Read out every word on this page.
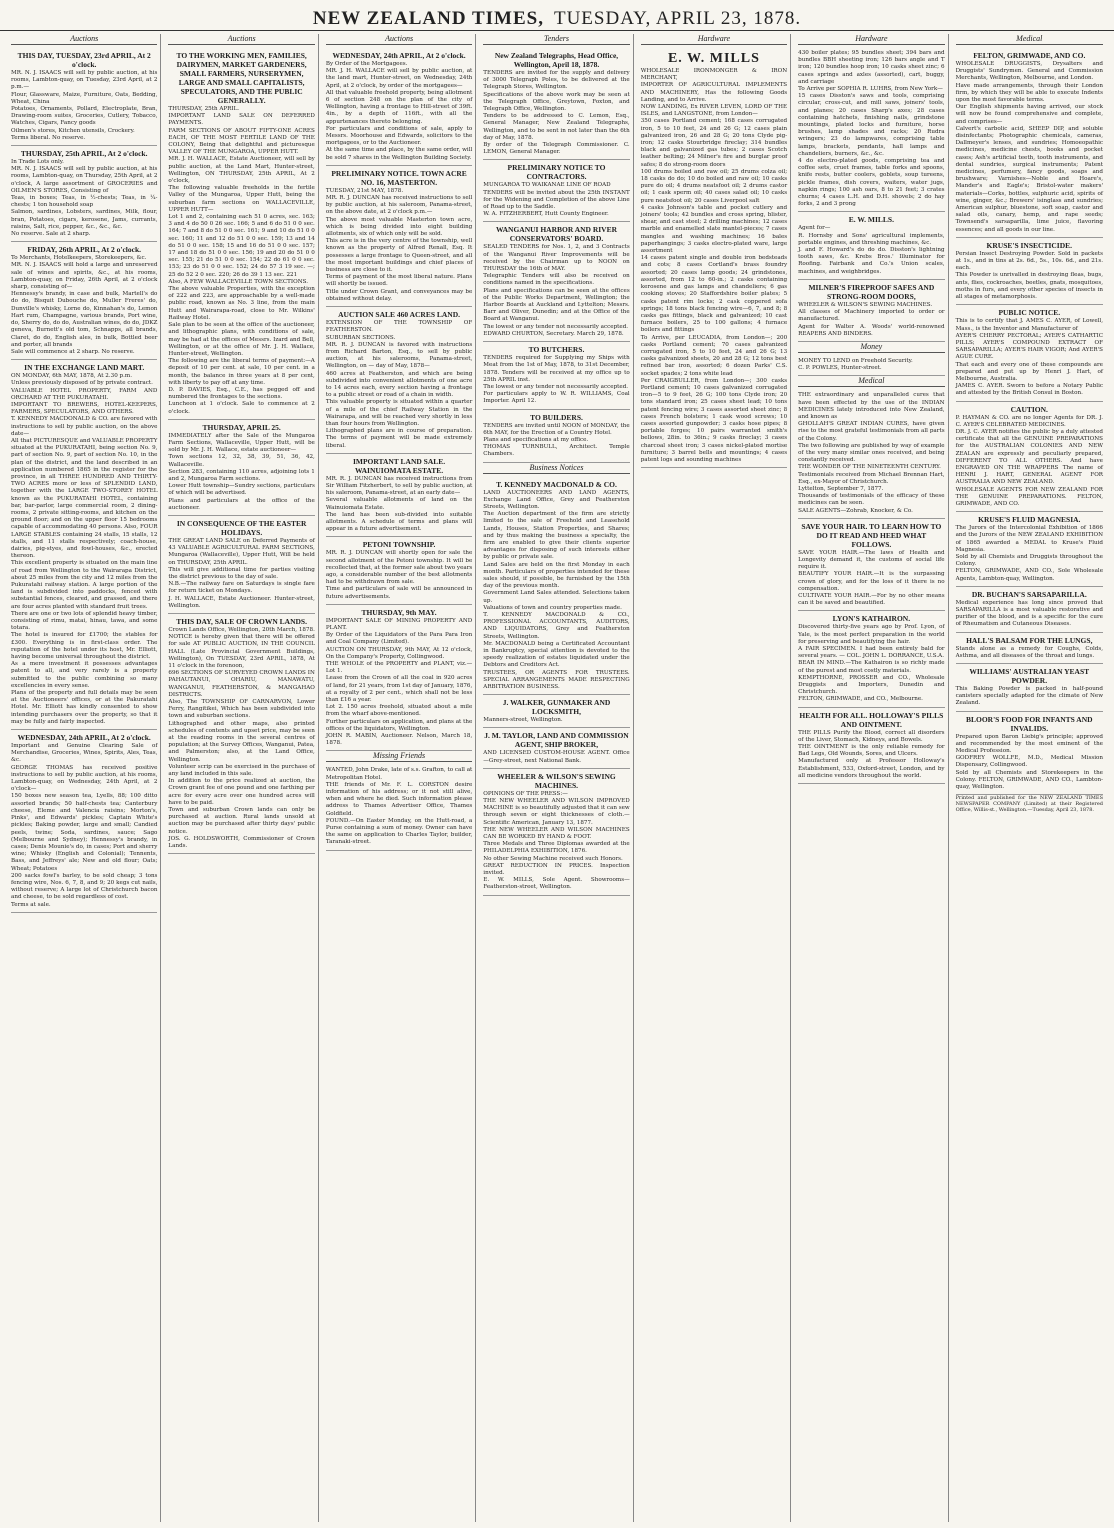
NEW ZEALAND TIMES, TUESDAY, APRIL 23, 1878.
Auctions
THIS DAY, TUESDAY, 23rd APRIL, At 2 o'clock.
MR. N. J. ISAACS will sell by public auction, at his rooms, Lambton-quay, on Tuesday, 23rd April, at 2 p.m.—
Flour, Glassware, Maize, Furniture, Oats, Bedding, Wheat, China
Potatoes, Ornaments, Pollard, Electroplate, Bran, Drawing-room suites, Groceries, Cutlery, Tobacco, Watches, Cigars, Fancy goods
Oilmen's stores, Kitchen utensils, Crockery.
Terms liberal. No reserve.
THURSDAY, 25th APRIL, At 2 o'clock.
In Trade Lots only.
MR. N. J. ISAACS will sell by public auction, at his rooms, Lambton-quay, on Thursday, 25th April, at 2 o'clock, A large assortment of GROCERIES and OILMEN'S STORES, Consisting of
Teas, in boxes; Teas, in ½-chests; Teas, in ¼-chests; 1 ton household soap
Salmon, sardines, Lobsters, sardines, Milk, flour, bran, Potatoes, cigars, kerosene, Jams, currants, raisins, Salt, rice, pepper, &c., &c., &c.
No reserve. Sale at 2 sharp.
FRIDAY, 26th APRIL, At 2 o'clock.
To Merchants, Hotelkeepers, Storekeepers, &c.
MR. N. J. ISAACS will hold a large and unreserved sale of wines and spirits, &c., at his rooms, Lambton-quay, on Friday, 26th April, at 2 o'clock sharp, consisting of—
Hennessy's brandy, in case and bulk, Martell's do do do, Bisquit Dubouche do, Muller Freres' do, Dunville's whisky, Lorne do, Kinnahan's do, Lemon Hart rum, Champagne, various brands, Port wine, do, Sherry do, do do, Australian wines, do do, JDKZ geneva, Burnett's old tom, Schnapps, all brands, Claret, do do, English ales, in bulk, Bottled beer and porter, all brands
Sale will commence at 2 sharp. No reserve.
IN THE EXCHANGE LAND MART.
ON MONDAY, 6th MAY, 1878, At 2.30 p.m.
Unless previously disposed of by private contract.
VALUABLE HOTEL PROPERTY, FARM AND ORCHARD AT THE PUKURATAHI.
IMPORTANT TO BREWERS, HOTEL-KEEPERS, FARMERS, SPECULATORS, AND OTHERS.
T. KENNEDY MACDONALD & CO. are favored with instructions to sell by public auction, on the above date—
All that PICTURESQUE and VALUABLE PROPERTY situated at the PUKURATAHI, being section No. 9, part of section No. 9, part of section No. 10, in the plan of the district, and the land described in an application numbered 1865 in the register for the province, in all THREE HUNDRED AND THIRTY-TWO ACRES more or less of SPLENDID LAND, together with the LARGE TWO-STOREY HOTEL known as the PUKURATAHI HOTEL, containing bar, bar-parlor, large commercial room, 2 dining-rooms, 2 private sitting-rooms, and kitchen on the ground floor; and on the upper floor 15 bedrooms capable of accommodating 40 persons. Also, FOUR LARGE STABLES containing 24 stalls, 15 stalls, 12 stalls, and 11 stalls respectively; coach-house, dairies, pig-styes, and fowl-houses, &c., erected thereon.
This excellent property is situated on the main line of road from Wellington to the Wairarapa District, about 25 miles from the city and 12 miles from the Pukuratahi railway station. A large portion of the land is subdivided into paddocks, fenced with substantial fences, cleared, and grassed, and there are four acres planted with standard fruit trees.
There are one or two lots of splendid heavy timber, consisting of rimu, matai, hinau, tawa, and some totara.
The hotel is insured for £1700; the stables for £300. Everything is in first-class order. The reputation of the hotel under its host, Mr. Elliott, having become universal throughout the district.
As a mere investment it possesses advantages patent to all, and very rarely is a property submitted to the public combining so many excellencies in every sense.
Plans of the property and full details may be seen at the Auctioneers' offices, or at the Pakuratahi Hotel. Mr. Elliott has kindly consented to show intending purchasers over the property, so that it may be fully and fairly inspected.
WEDNESDAY, 24th APRIL, At 2 o'clock.
Important and Genuine Clearing Sale of Merchandise, Groceries, Wines, Spirits, Ales, Teas, &c.
GEORGE THOMAS has received positive instructions to sell by public auction, at his rooms, Lambton-quay, on Wednesday, 24th April, at 2 o'clock—
150 boxes new season tea, Lyells, 88; 100 ditto assorted brands; 50 half-chests tea; Canterbury cheese, Eleme and Valencia raisins; Morton's, Pinks', and Edwards' pickles; Captain White's pickles; Baking powder, large and small; Candied peels, twine; Soda, sardines, sauce; Sago (Melbourne and Sydney); Hennessy's brandy, in cases; Denis Mounie's do, in cases; Port and sherry wine; Whisky (English and Colonial); Tennents, Bass, and Jeffreys' ale; New and old flour; Oats; Wheat; Potatoes
200 sacks fowl's barley, to be sold cheap; 3 tons fencing wire, Nos. 6, 7, 8, and 9; 20 kegs cut nails, without reserve; A large lot of Christchurch bacon and cheese, to be sold regardless of cost.
Terms at sale.
Auctions
TO THE WORKING MEN, FAMILIES, DAIRYMEN, MARKET GARDENERS, SMALL FARMERS, NURSERYMEN, LARGE AND SMALL CAPITALISTS, SPECULATORS, AND THE PUBLIC GENERALLY.
THURSDAY, 25th APRIL.
IMPORTANT LAND SALE ON DEFERRED PAYMENTS.
FARM SECTIONS OF ABOUT FIFTY-ONE ACRES EACH, OF THE MOST FERTILE LAND OF THE COLONY, Being that delightful and picturesque VALLEY OF THE MUNGAROA, UPPER HUTT.
MR. J. H. WALLACE, Estate Auctioneer, will sell by public auction, at the Land Mart, Hunter-street, Wellington, ON THURSDAY, 25th APRIL, At 2 o'clock,
The following valuable freeholds in the fertile Valley of the Mungaroa, Upper Hutt, being the suburban farm sections on WALLACEVILLE, UPPER HUTT—
Lot 1 and 2, containing each 51 0 acres, sec. 163; 3 and 4 do 50 0 26 sec. 166; 5 and 6 do 51 0 0 sec. 164; 7 and 8 do 51 0 0 sec. 161; 9 and 10 do 51 0 0 sec. 160; 11 and 12 do 51 0 0 sec. 159; 13 and 14 do 51 0 0 sec. 158; 15 and 16 do 51 0 0 sec. 157; 17 and 18 do 51 0 0 sec. 156; 19 and 20 do 51 0 0 sec. 155; 21 do 51 0 0 sec. 154; 22 do 61 0 0 sec. 153; 23 do 51 0 0 sec. 152; 24 do 57 3 19 sec. —; 25 do 52 2 0 sec. 220; 26 do 39 1 13 sec. 221
Also, A FEW WALLACEVILLE TOWN SECTIONS.
The above valuable Properties, with the exception of 222 and 223, are approachable by a well-made public road, known as No. 3 line, from the main Hutt and Wairarapa-road, close to Mr. Wilkins' Railway Hotel.
Sale plan to be seen at the office of the auctioneer, and lithographic plans, with conditions of sale, may be had at the offices of Messrs. Izard and Bell, Wellington, or at the office of Mr. J. H. Wallace, Hunter-street, Wellington.
The following are the liberal terms of payment:—A deposit of 10 per cent. at sale, 10 per cent. in a month, the balance in three years at 8 per cent, with liberty to pay off at any time.
D. P. DAVIES, Esq., C.E., has pegged off and numbered the frontages to the sections.
Luncheon at 1 o'clock. Sale to commence at 2 o'clock.
THURSDAY, APRIL 25.
IMMEDIATELY after the Sale of the Mungaroa Farm Sections, Wallaceville, Upper Hutt, will be sold by Mr. J. H. Wallace, estate auctioneer—
Town sections 12, 32, 38, 39, 51, 36, 42, Wallaceville.
Section 283, containing 110 acres, adjoining lots 1 and 2, Mungaroa Farm sections.
Lower Hutt township—Sundry sections, particulars of which will be advertised.
Plans and particulars at the office of the auctioneer.
IN CONSEQUENCE OF THE EASTER HOLIDAYS.
THE GREAT LAND SALE on Deferred Payments of 43 VALUABLE AGRICULTURAL FARM SECTIONS, Mungaroa (Wallaceville), Upper Hutt, Will be held on THURSDAY, 25th APRIL.
This will give additional time for parties visiting the district previous to the day of sale.
N.B.—The railway fare on Saturdays is single fare for return ticket on Mondays.
J. H. WALLACE, Estate Auctioneer. Hunter-street, Wellington.
THIS DAY, SALE OF CROWN LANDS.
Crown Lands Office, Wellington, 20th March, 1878.
NOTICE is hereby given that there will be offered for sale AT PUBLIC AUCTION, IN THE COUNCIL HALL (Late Provincial Government Buildings, Wellington), On TUESDAY, 23rd APRIL, 1878, At 11 o'clock in the forenoon,
696 SECTIONS OF SURVEYED CROWN LANDS IN PAHAUTANUI, OHARIU, MANAWATU, WANGANUI, FEATHERSTON, & MANGAHAO DISTRICTS.
Also, The TOWNSHIP OF CARNARVON, Lower Ferry, Rangitikei, Which has been subdivided into town and suburban sections.
Lithographed and other maps, also printed schedules of contents and upset price, may be seen at the reading rooms in the several centres of population; at the Survey Offices, Wanganui, Patea, and Palmerston; also, at the Land Office, Wellington.
Volunteer scrip can be exercised in the purchase of any land included in this sale.
In addition to the price realized at auction, the Crown grant fee of one pound and one farthing per acre for every acre over one hundred acres will have to be paid.
Town and suburban Crown lands can only be purchased at auction. Rural lands unsold at auction may be purchased after thirty days' public notice.
JOS. G. HOLDSWORTH, Commissioner of Crown Lands.
Auctions
WEDNESDAY, 24th APRIL, At 2 o'clock.
By Order of the Mortgagees.
MR. J. H. WALLACE will sell by public auction, at the land mart, Hunter-street, on Wednesday, 24th April, at 2 o'clock, by order of the mortgagees—
All that valuable freehold property, being allotment 6 of section 248 on the plan of the city of Wellington, having a frontage to Hill-street of 39ft. 4in., by a depth of 116ft., with all the appurtenances thereto belonging.
For particulars and conditions of sale, apply to Messrs. Moorhouse and Edwards, solicitors to the mortgagees, or to the Auctioneer.
At the same time and place, by the same order, will be sold 7 shares in the Wellington Building Society.
PRELIMINARY NOTICE. TOWN ACRE NO. 16, MASTERTON.
TUESDAY, 21st MAY, 1878.
MR. R. J. DUNCAN has received instructions to sell by public auction, at his saleroom, Panama-street, on the above date, at 2 o'clock p.m.—
The above most valuable Masterton town acre, which is being divided into eight building allotments, six of which only will be sold.
This acre is in the very centre of the township, well known as the property of Alfred Renall, Esq. It possesses a large frontage to Queen-street, and all the most important buildings and chief places of business are close to it.
Terms of payment of the most liberal nature. Plans will shortly be issued.
Title under Crown Grant, and conveyances may be obtained without delay.
AUCTION SALE 460 ACRES LAND.
EXTENSION OF THE TOWNSHIP OF FEATHERSTON.
SUBURBAN SECTIONS.
MR. R. J. DUNCAN is favored with instructions from Richard Barton, Esq., to sell by public auction, at his salerooms, Panama-street, Wellington, on — day of May, 1878—
460 acres at Featherston, and which are being subdivided into convenient allotments of one acre to 14 acres each, every section having a frontage to a public street or road of a chain in width.
This valuable property is situated within a quarter of a mile of the chief Railway Station in the Wairarapa, and will be reached very shortly in less than four hours from Wellington.
Lithographed plans are in course of preparation. The terms of payment will be made extremely liberal.
IMPORTANT LAND SALE. WAINUIOMATA ESTATE.
MR. R. J. DUNCAN has received instructions from Sir William Fitzherbert, to sell by public auction, at his saleroom, Panama-street, at an early date—
Several valuable allotments of land on the Wainuiomata Estate.
The land has been sub-divided into suitable allotments. A schedule of terms and plans will appear in a future advertisement.
PETONI TOWNSHIP.
MR. R. J. DUNCAN will shortly open for sale the second allotment of the Petoni township. It will be recollected that, at the former sale about two years ago, a considerable number of the best allotments had to be withdrawn from sale.
Time and particulars of sale will be announced in future advertisements.
THURSDAY, 9th MAY.
IMPORTANT SALE OF MINING PROPERTY AND PLANT.
By Order of the Liquidators of the Para Para Iron and Coal Company (Limited).
AUCTION ON THURSDAY, 9th MAY, At 12 o'clock, On the Company's Property, Collingwood.
THE WHOLE of the PROPERTY and PLANT, viz.— Lot 1.
Lease from the Crown of all the coal in 920 acres of land, for 21 years, from 1st day of January, 1876, at a royalty of 2 per cent., which shall not be less than £16 a year.
Lot 2. 150 acres freehold, situated about a mile from the wharf above-mentioned.
Further particulars on application, and plans at the offices of the liquidators, Wellington.
JOHN R. MABIN, Auctioneer. Nelson, March 18, 1878.
Missing Friends
WANTED, John Drake, late of s.s. Grafton, to call at Metropolitan Hotel.
THE friends of Mr. F. L. CORSTON desire information of his address; or it not still alive, when and where he died. Such information please address to Thames Advertiser Office, Thames Goldfield.
FOUND.—On Easter Monday, on the Hutt-road, a Purse containing a sum of money. Owner can have the same on application to Charles Taylor, builder, Taranaki-street.
Tenders
New Zealand Telegraphs, Head Office, Wellington, April 18, 1878.
TENDERS are invited for the supply and delivery of 3000 Telegraph Poles, to be delivered at the Telegraph Stores, Wellington.
Specifications of the above work may be seen at the Telegraph Office, Greytown, Foxton, and Telegraph Office, Wellington.
Tenders to be addressed to C. Lemon, Esq., General Manager, New Zealand Telegraphs, Wellington, and to be sent in not later than the 6th day of May, 1878.
By order of the Telegraph Commissioner. C. LEMON, General Manager.
PRELIMINARY NOTICE TO CONTRACTORS.
MUNGAROA TO WAIKANAE LINE OF ROAD
TENDERS will be invited about the 25th INSTANT for the Widening and Completion of the above Line of Road up to the Saddle.
W. A. FITZHERBERT, Hutt County Engineer.
WANGANUI HARBOR AND RIVER CONSERVATORS' BOARD.
SEALED TENDERS for Nos. 1, 2, and 3 Contracts of the Wanganui River Improvements will be received by the Chairman up to NOON on THURSDAY the 16th of MAY.
Telegraphic Tenders will also be received on conditions named in the specifications.
Plans and specifications can be seen at the offices of the Public Works Department, Wellington; the Harbor Boards at Auckland and Lyttelton; Messrs. Barr and Oliver, Dunedin; and at the Office of the Board at Wanganui.
The lowest or any tender not necessarily accepted.
EDWARD CHURTON, Secretary. March 29, 1878.
TO BUTCHERS.
TENDERS required for Supplying my Ships with Meat from the 1st of May, 1878, to 31st December, 1878. Tenders will be received at my office up to 25th APRIL inst.
The lowest or any tender not necessarily accepted.
For particulars apply to W. R. WILLIAMS, Coal Importer. April 12.
TO BUILDERS.
TENDERS are invited until NOON of MONDAY, the 6th MAY, for the Erection of a Country Hotel.
Plans and specifications at my office.
THOMAS TURNBULL, Architect. Temple Chambers.
Business Notices
T. KENNEDY MACDONALD & CO.
LAND AUCTIONEERS AND LAND AGENTS, Exchange Land Office, Grey and Featherston Streets, Wellington.
The Auction department of the firm are strictly limited to the sale of Freehold and Leasehold Lands, Houses, Station Properties, and Shares; and by thus making the business a specialty, the firm are enabled to give their clients superior advantages for disposing of such interests either by public or private sale.
Land Sales are held on the first Monday in each month. Particulars of properties intended for these sales should, if possible, be furnished by the 15th day of the previous month.
Government Land Sales attended. Selections taken up.
Valuations of town and country properties made.
T. KENNEDY MACDONALD & CO., PROFESSIONAL ACCOUNTANTS, AUDITORS, AND LIQUIDATORS, Grey and Featherston Streets, Wellington.
Mr. MACDONALD being a Certificated Accountant in Bankruptcy, special attention is devoted to the speedy realization of estates liquidated under the Debtors and Creditors Act.
TRUSTEES, OR AGENTS FOR TRUSTEES. SPECIAL ARRANGEMENTS MADE RESPECTING ARBITRATION BUSINESS.
J. WALKER, GUNMAKER AND LOCKSMITH,
Manners-street, Wellington.
J. M. TAYLOR, LAND AND COMMISSION AGENT, SHIP BROKER,
AND LICENSED CUSTOM-HOUSE AGENT. Office—Grey-street, next National Bank.
WHEELER & WILSON'S SEWING MACHINES.
OPINIONS OF THE PRESS:—
THE NEW WHEELER AND WILSON IMPROVED MACHINE is so beautifully adjusted that it can sew through seven or eight thicknesses of cloth.—Scientific American, January 13, 1877.
THE NEW WHEELER AND WILSON MACHINES CAN BE WORKED BY HAND & FOOT.
Three Medals and Three Diplomas awarded at the PHILADELPHIA EXHIBITION, 1876.
No other Sewing Machine received such Honors.
GREAT REDUCTION IN PRICES. Inspection invited.
E. W. MILLS, Sole Agent. Showrooms—Featherston-street, Wellington.
Hardware
E. W. MILLS
WHOLESALE IRONMONGER & IRON MERCHANT,
IMPORTER OF AGRICULTURAL IMPLEMENTS AND MACHINERY, Has the following Goods Landing, and to Arrive.
NOW LANDING, Ex RIVER LEVEN, LORD OF THE ISLES, and LANGSTONE, from London—
350 cases Portland cement; 168 cases corrugated iron, 5 to 10 feet, 24 and 26 G; 12 cases plain galvanized iron, 26 and 28 G; 20 tons Clyde pig-iron; 12 casks Stourbridge fireclay; 314 bundles black and galvanized gas tubes; 2 cases Scotch leather belting; 24 Milner's fire and burglar proof safes; 8 do strong-room doors
100 drums boiled and raw oil; 25 drums colza oil; 18 casks do do; 10 do boiled and raw oil; 10 casks pure do oil; 4 drums neatsfoot oil; 2 drums castor oil; 1 cask sperm oil; 40 cases salad oil; 10 casks pure neatsfoot oil; 20 cases Liverpool salt
4 casks Johnson's table and pocket cutlery and joiners' tools; 42 bundles and cross spring, blister, shear, and cast steel; 2 drilling machines; 12 cases marble and enamelled slate mantel-pieces; 7 cases mangles and washing machines; 16 bales paperhangings; 3 casks electro-plated ware, large assortment
14 cases patent single and double iron bedsteads and cots; 8 cases Cortland's brass foundry assorted; 20 cases lamp goods; 24 grindstones, assorted, from 12 to 60-in.; 2 casks containing kerosene and gas lamps and chandeliers; 6 gas cooking stoves; 20 Staffordshire boiler plates; 5 casks patent rim locks; 2 cask coppered sofa springs; 18 tons black fencing wire—6, 7, and 8; 8 casks gas fittings, black and galvanized; 10 cast furnace boilers, 25 to 100 gallons; 4 furnace boilers and fittings
To Arrive, per LEUCADIA, from London—; 200 casks Portland cement; 70 cases galvanized corrugated iron, 5 to 10 feet, 24 and 26 G; 13 casks galvanized sheets, 20 and 28 G; 12 tons best refined bar iron, assorted; 6 dozen Parks' C.S. socket spades; 2 tons white lead
Per CRAIGBULLER, from London—; 300 casks Portland cement; 10 cases galvanized corrugated iron—5 to 9 feet, 26 G; 100 tons Clyde iron; 20 tons standard iron; 25 cases sheet lead; 10 tons patent fencing wire; 3 cases assorted sheet zinc; 8 cases French bolsters; 1 cask wood screws; 10 cases assorted gunpowder; 3 casks hose pipes; 8 portable forges; 10 pairs warranted smith's bellows, 28in. to 36in.; 9 casks fireclay; 3 cases charcoal sheet iron; 3 cases nickel-plated mortise furniture; 3 barrel bells and mountings; 4 cases patent logs and sounding machines
Hardware
430 boiler plates; 95 bundles sheet; 394 bars and bundles BBH sheeting iron; 126 bars angle and T iron; 120 bundles hoop iron; 10 casks sheet zinc; 6 cases springs and axles (assorted), cart, buggy, and carriage
To Arrive per SOPHIA R. LUHRS, from New York—
15 cases Disston's saws and tools, comprising circular, cross-cut, and mill saws, joiners' tools, and planes; 20 cases Sharp's axes; 28 cases containing hatchets, finishing nails, grindstone mountings, plated locks and furniture, horse brushes, lamp shades and racks; 20 Rudra wringers; 23 do lampwares, comprising table lamps, brackets, pendants, hall lamps and chandeliers, burners, &c., &c.
4 do electro-plated goods, comprising tea and coffee sets, cruet frames, table forks and spoons, knife rests, butter coolers, goblets, soup tureens, pickle frames, dish covers, waiters, water jugs, napkin rings; 100 ash oars, 8 to 21 feet; 3 crates churns; 4 cases L.H. and D.H. shovels; 2 do hay forks, 2 and 3 prong
E. W. MILLS.
Agent for—
R. Hornsby and Sons' agricultural implements, portable engines, and threshing machines, &c.
J. and F. Howard's do do do. Disston's lightning tooth saws, &c. Krebs Bros.' Illuminator for Roofing. Fairbank and Co.'s Union scales, machines, and weighbridges.
MILNER'S FIREPROOF SAFES AND STRONG-ROOM DOORS,
WHEELER & WILSON'S SEWING MACHINES.
All classes of Machinery imported to order or manufactured.
Agent for Walter A. Woods' world-renowned REAPERS AND BINDERS.
Money
MONEY TO LEND on Freehold Security.
C. P. POWLES, Hunter-street.
Medical
THE extraordinary and unparalleled cures that have been effected by the use of the INDIAN MEDICINES lately introduced into New Zealand, and known as
GHOLLAH'S GREAT INDIAN CURES, have given rise to the most grateful testimonials from all parts of the Colony.
The two following are published by way of example of the very many similar ones received, and being constantly received.
THE WONDER OF THE NINETEENTH CENTURY.
Testimonials received from Michael Brennan Hart, Esq., ex-Mayor of Christchurch.
Lyttelton, September 7, 1877.
Thousands of testimonials of the efficacy of these medicines can be seen.
SALE AGENTS—Zohrab, Knocker, & Co.
SAVE YOUR HAIR. TO LEARN HOW TO DO IT READ AND HEED WHAT FOLLOWS.
SAVE YOUR HAIR.—The laws of Health and Longevity demand it, the customs of social life require it.
BEAUTIFY YOUR HAIR.—It is the surpassing crown of glory, and for the loss of it there is no compensation.
CULTIVATE YOUR HAIR.—For by no other means can it be saved and beautified.
LYON'S KATHAIRON.
Discovered thirty-five years ago by Prof. Lyon, of Yale, is the most perfect preparation in the world for preserving and beautifying the hair.
A FAIR SPECIMEN. I had been entirely bald for several years. — COL. JOHN L. DORRANCE, U.S.A.
BEAR IN MIND.—The Kathairon is so richly made of the purest and most costly materials.
KEMPTHORNE, PROSSER and CO., Wholesale Druggists and Importers, Dunedin and Christchurch.
FELTON, GRIMWADE, and CO., Melbourne.
HEALTH FOR ALL. HOLLOWAY'S PILLS AND OINTMENT.
THE PILLS Purify the Blood, correct all disorders of the Liver, Stomach, Kidneys, and Bowels.
THE OINTMENT is the only reliable remedy for Bad Legs, Old Wounds, Sores, and Ulcers.
Manufactured only at Professor Holloway's Establishment, 533, Oxford-street, London, and by all medicine vendors throughout the world.
Medical
FELTON, GRIMWADE, AND CO.
WHOLESALE DRUGGISTS, Drysalters and Druggists' Sundrymen. General and Commission Merchants, Wellington, Melbourne, and London.
Have made arrangements, through their London firm, by which they will be able to execute Indents upon the most favorable terms.
Our English shipments having arrived, our stock will now be found comprehensive and complete, and comprises—
Calvert's carbolic acid, SHEEP DIP, and soluble disinfectants; Photographic chemicals, cameras, Dallmeyer's lenses, and sundries; Homoeopathic medicines, medicine chests, books and pocket cases; Ash's artificial teeth, tooth instruments, and dental sundries, surgical instruments; Patent medicines, perfumery, fancy goods, soaps and brushware; Varnishes—Noble and Hoare's, Mander's and Eagle's; Bristol-water makers' materials—Corks, bottles, sulphuric acid, spirits of wine, ginger, &c.; Brewers' isinglass and sundries; American sulphur, bluestone, soft soap, castor and salad oils, canary, hemp, and rape seeds; Townsend's sarsaparilla, lime juice, flavoring essences; and all goods in our line.
KRUSE'S INSECTICIDE.
Persian Insect Destroying Powder. Sold in packets at 1s., and in tins at 2s. 6d., 5s., 10s. 6d., and 21s. each.
This Powder is unrivalled in destroying fleas, bugs, ants, flies, cockroaches, beetles, gnats, mosquitoes, moths in furs, and every other species of insects in all stages of metamorphosis.
PUBLIC NOTICE.
This is to certify that J. AMES C. AYER, of Lowell, Mass., is the Inventor and Manufacturer of
AYER'S CHERRY PECTORAL; AYER'S CATHARTIC PILLS; AYER'S COMPOUND EXTRACT OF SARSAPARILLA; AYER'S HAIR VIGOR; And AYER'S AGUE CURE.
That each and every one of these compounds are prepared and put up by Henri J. Hart, of Melbourne, Australia.
JAMES C. AYER. Sworn to before a Notary Public and attested by the British Consul in Boston.
CAUTION.
P. HAYMAN & CO. are no longer Agents for DR. J. C. AYER'S CELEBRATED MEDICINES.
DR. J. C. AYER notifies the public by a duly attested certificate that all the GENUINE PREPARATIONS for the AUSTRALIAN COLONIES AND NEW ZEALAN are expressly and peculiarly prepared, DIFFERENT TO ALL OTHERS. And have ENGRAVED ON THE WRAPPERS The name of HENRI J. HART, GENERAL AGENT FOR AUSTRALIA AND NEW ZEALAND.
WHOLESALE AGENTS FOR NEW ZEALAND FOR THE GENUINE PREPARATIONS. FELTON, GRIMWADE, AND CO.
KRUSE'S FLUID MAGNESIA.
The Jurors of the Intercolonial Exhibition of 1866 and the Jurors of the NEW ZEALAND EXHIBITION of 1865 awarded a MEDAL to Kruse's Fluid Magnesia.
Sold by all Chemists and Druggists throughout the Colony.
FELTON, GRIMWADE, AND CO., Sole Wholesale Agents, Lambton-quay, Wellington.
DR. BUCHAN'S SARSAPARILLA.
Medical experience has long since proved that SARSAPARILLA is a most valuable restorative and purifier of the blood, and is a specific for the cure of Rheumatism and Cutaneous Diseases.
HALL'S BALSAM FOR THE LUNGS,
Stands alone as a remedy for Coughs, Colds, Asthma, and all diseases of the throat and lungs.
WILLIAMS' AUSTRALIAN YEAST POWDER.
This Baking Powder is packed in half-pound canisters specially adapted for the climate of New Zealand.
BLOOR'S FOOD FOR INFANTS AND INVALIDS.
Prepared upon Baron Liebig's principle; approved and recommended by the most eminent of the Medical Profession.
GODFREY WOLLFE, M.D., Medical Mission Dispensary, Collingwood.
Sold by all Chemists and Storekeepers in the Colony. FELTON, GRIMWADE, AND CO., Lambton-quay, Wellington.
Printed and published for the NEW ZEALAND TIMES NEWSPAPER COMPANY (Limited) at their Registered Office, Willis-st., Wellington.—Tuesday, April 23, 1878.
